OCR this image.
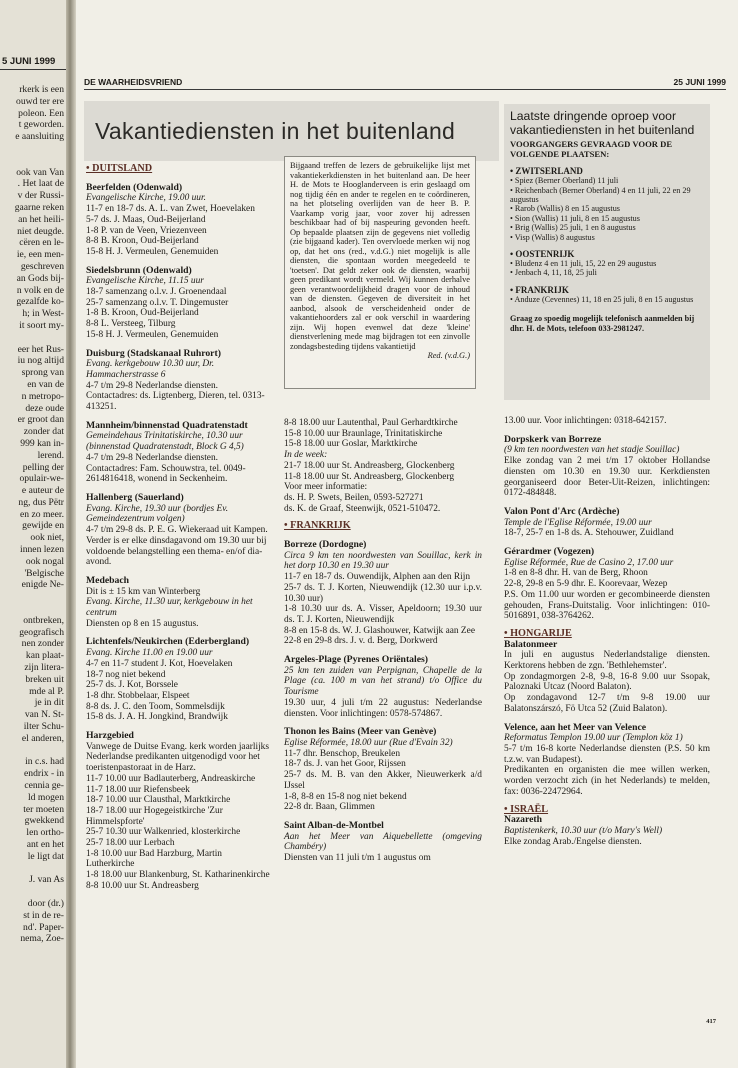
5 JUNI 1999
rkerk is een
ouwd ter ere
poleon. Een
t geworden.
e aansluiting
ook van Van
. Het laat de
v der Russi-
gaarne reken
an het heili-
niet deugde.
cëren en le-
ie, een men-
geschreven
an Gods bij-
n volk en de
gezalfde ko-
h; in West-
it soort my-
eer het Rus-
iu nog altijd
sprong van
en van de
n metropo-
deze oude
er groot dan
zonder dat
999 kan in-
lerend.
pelling der
opulair-we-
e auteur de
ng, dus Pëtr
en zo meer.
gewijde en
ook niet,
innen lezen
ook nogal
'Belgische
enigde Ne-
ontbreken,
geografisch
nen zonder
kan plaat-
zijn litera-
breken uit
mde al P.
je in dit
van N. St-
ilter Schu-
el anderen,
in c.s. had
endrix - in
cennia ge-
ld mogen
ter moeten
gwekkend
len ortho-
ant en het
le ligt dat
J. van As
door (dr.)
st in de re-
nd'. Paper-
nema, Zoe-
DE WAARHEIDSVRIEND	25 JUNI 1999
Vakantiediensten in het buitenland

• DUITSLAND

Beerfelden (Odenwald)

Evangelische Kirche, 19.00 uur.

11-7 en 18-7 ds. A. L. van Zwet, Hoevelaken

5-7 ds. J. Maas, Oud-Beijerland

1-8 P. van de Veen, Vriezenveen

8-8 B. Kroon, Oud-Beijerland

15-8 H. J. Vermeulen, Genemuiden

Siedelsbrunn (Odenwald)

Evangelische Kirche, 11.15 uur

18-7 samenzang o.l.v. J. Groenendaal

25-7 samenzang o.l.v. T. Dingemuster

1-8 B. Kroon, Oud-Beijerland

8-8 L. Versteeg, Tilburg

15-8 H. J. Vermeulen, Genemuiden

Duisburg (Stadskanaal Ruhrort)

Evang. kerkgebouw 10.30 uur, Dr. Hammacherstrasse 6

4-7 t/m 29-8 Nederlandse diensten.

Contactadres: ds. Ligtenberg, Dieren, tel. 0313-413251.

Mannheim/binnenstad Quadratenstadt

Gemeindehaus Trinitatiskirche, 10.30 uur (binnenstad Quadratenstadt, Block G 4,5)

4-7 t/m 29-8 Nederlandse diensten.

Contactadres: Fam. Schouwstra, tel. 0049-2614816418, wonend in Seckenheim.

Hallenberg (Sauerland)

Evang. Kirche, 19.30 uur (bordjes Ev. Gemeindezentrum volgen)

4-7 t/m 29-8 ds. P. E. G. Wiekeraad uit Kampen.

Verder is er elke dinsdagavond om 19.30 uur bij voldoende belangstelling een thema- en/of dia-avond.

Medebach

Dit is ± 15 km van Winterberg

Evang. Kirche, 11.30 uur, kerkgebouw in het centrum

Diensten op 8 en 15 augustus.

Lichtenfels/Neukirchen (Ederbergland)

Evang. Kirche 11.00 en 19.00 uur

4-7 en 11-7 student J. Kot, Hoevelaken

18-7 nog niet bekend

25-7 ds. J. Kot, Borssele

1-8 dhr. Stobbelaar, Elspeet

8-8 ds. J. C. den Toom, Sommelsdijk

15-8 ds. J. A. H. Jongkind, Brandwijk

Harzgebied

Vanwege de Duitse Evang. kerk worden jaarlijks Nederlandse predikanten uitgenodigd voor het toeristenpastoraat in de Harz.

11-7 10.00 uur Badlauterberg, Andreaskirche

11-7 18.00 uur Riefensbeek

18-7 10.00 uur Clausthal, Marktkirche

18-7 18.00 uur Hogegeistkirche 'Zur Himmelspforte'

25-7 10.30 uur Walkenried, klosterkirche

25-7 18.00 uur Lerbach

1-8 10.00 uur Bad Harzburg, Martin Lutherkirche

1-8 18.00 uur Blankenburg, St. Katharinenkirche

8-8 10.00 uur St. Andreasberg

Bijgaand treffen de lezers de gebruikelijke lijst met vakantiekerkdiensten in het buitenland aan. De heer H. de Mots te Hooglanderveen is erin geslaagd om nog tijdig één en ander te regelen en te coördineren, na het plotseling overlijden van de heer B. P. Vaarkamp vorig jaar, voor zover hij adressen beschikbaar had of bij naspeuring gevonden heeft. Op bepaalde plaatsen zijn de gegevens niet volledig (zie bijgaand kader). Ten overvloede merken wij nog op, dat het ons (red., v.d.G.) niet mogelijk is alle diensten, die spontaan worden meegedeeld te 'toetsen'. Dat geldt zeker ook de diensten, waarbij geen predikant wordt vermeld. Wij kunnen derhalve geen verantwoordelijkheid dragen voor de inhoud van de diensten. Gegeven de diversiteit in het aanbod, alsook de verscheidenheid onder de vakantiehoorders zal er ook verschil in waardering zijn. Wij hopen evenwel dat deze 'kleine' dienstverlening mede mag bijdragen tot een zinvolle zondagsbesteding tijdens vakantietijd
Red. (v.d.G.)

8-8 18.00 uur Lautenthal, Paul Gerhardtkirche

15-8 10.00 uur Braunlage, Trinitatiskirche

15-8 18.00 uur Goslar, Marktkirche

In de week:

21-7 18.00 uur St. Andreasberg, Glockenberg

11-8 18.00 uur St. Andreasberg, Glockenberg

Voor meer informatie:

ds. H. P. Swets, Beilen, 0593-527271

ds. K. de Graaf, Steenwijk, 0521-510472.

• FRANKRIJK

Borreze (Dordogne)

Circa 9 km ten noordwesten van Souillac, kerk in het dorp 10.30 en 19.30 uur

11-7 en 18-7 ds. Ouwendijk, Alphen aan den Rijn

25-7 ds. T. J. Korten, Nieuwendijk (12.30 uur i.p.v. 10.30 uur)

1-8 10.30 uur ds. A. Visser, Apeldoorn; 19.30 uur ds. T. J. Korten, Nieuwendijk

8-8 en 15-8 ds. W. J. Glashouwer, Katwijk aan Zee

22-8 en 29-8 drs. J. v. d. Berg, Dorkwerd

Argeles-Plage (Pyrenes Oriëntales)

25 km ten zuiden van Perpignan, Chapelle de la Plage (ca. 100 m van het strand) t/o Office du Tourisme

19.30 uur, 4 juli t/m 22 augustus: Nederlandse diensten. Voor inlichtingen: 0578-574867.

Thonon les Bains (Meer van Genève)

Eglise Réformée, 18.00 uur (Rue d'Evain 32)

11-7 dhr. Benschop, Breukelen

18-7 ds. J. van het Goor, Rijssen

25-7 ds. M. B. van den Akker, Nieuwerkerk a/d IJssel

1-8, 8-8 en 15-8 nog niet bekend

22-8 dr. Baan, Glimmen

Saint Alban-de-Montbel

Aan het Meer van Aiquebellette (omgeving Chambéry)

Diensten van 11 juli t/m 1 augustus om

Laatste dringende oproep voor vakantiediensten in het buitenland
VOORGANGERS GEVRAAGD VOOR DE VOLGENDE PLAATSEN:
• ZWITSERLAND
• Spiez (Berner Oberland) 11 juli
• Reichenbach (Berner Oberland) 4 en 11 juli, 22 en 29 augustus
• Rarob (Wallis) 8 en 15 augustus
• Sion (Wallis) 11 juli, 8 en 15 augustus
• Brig (Wallis) 25 juli, 1 en 8 augustus
• Visp (Wallis) 8 augustus
• OOSTENRIJK
• Bludenz 4 en 11 juli, 15, 22 en 29 augustus
• Jenbach 4, 11, 18, 25 juli
• FRANKRIJK
• Anduze (Cevennes) 11, 18 en 25 juli, 8 en 15 augustus
Graag zo spoedig mogelijk telefonisch aanmelden bij dhr. H. de Mots, telefoon 033-2981247.

13.00 uur. Voor inlichtingen: 0318-642157.

Dorpskerk van Borreze

(9 km ten noordwesten van het stadje Souillac)

Elke zondag van 2 mei t/m 17 oktober Hollandse diensten om 10.30 en 19.30 uur. Kerkdiensten georganiseerd door Beter-Uit-Reizen, inlichtingen: 0172-484848.

Valon Pont d'Arc (Ardèche)

Temple de l'Eglise Réformée, 19.00 uur

18-7, 25-7 en 1-8 ds. A. Stehouwer, Zuidland

Gérardmer (Vogezen)

Eglise Réformée, Rue de Casino 2, 17.00 uur

1-8 en 8-8 dhr. H. van de Berg, Rhoon

22-8, 29-8 en 5-9 dhr. E. Koorevaar, Wezep

P.S. Om 11.00 uur worden er gecombineerde diensten gehouden, Frans-Duitstalig. Voor inlichtingen: 010-5016891, 038-3764262.

• HONGARIJE

Balatonmeer

In juli en augustus Nederlandstalige diensten. Kerktorens hebben de zgn. 'Bethlehemster'.

Op zondagmorgen 2-8, 9-8, 16-8 9.00 uur Ssopak, Paloznaki Utcaz (Noord Balaton).

Op zondagavond 12-7 t/m 9-8 19.00 uur Balatonszárszó, Fö Utca 52 (Zuid Balaton).

Velence, aan het Meer van Velence

Reformatus Templon 19.00 uur (Templon köz 1)

5-7 t/m 16-8 korte Nederlandse diensten (P.S. 50 km t.z.w. van Budapest).

Predikanten en organisten die mee willen werken, worden verzocht zich (in het Nederlands) te melden, fax: 0036-22472964.

• ISRAËL

Nazareth

Baptistenkerk, 10.30 uur (t/o Mary's Well)

Elke zondag Arab./Engelse diensten.

417
